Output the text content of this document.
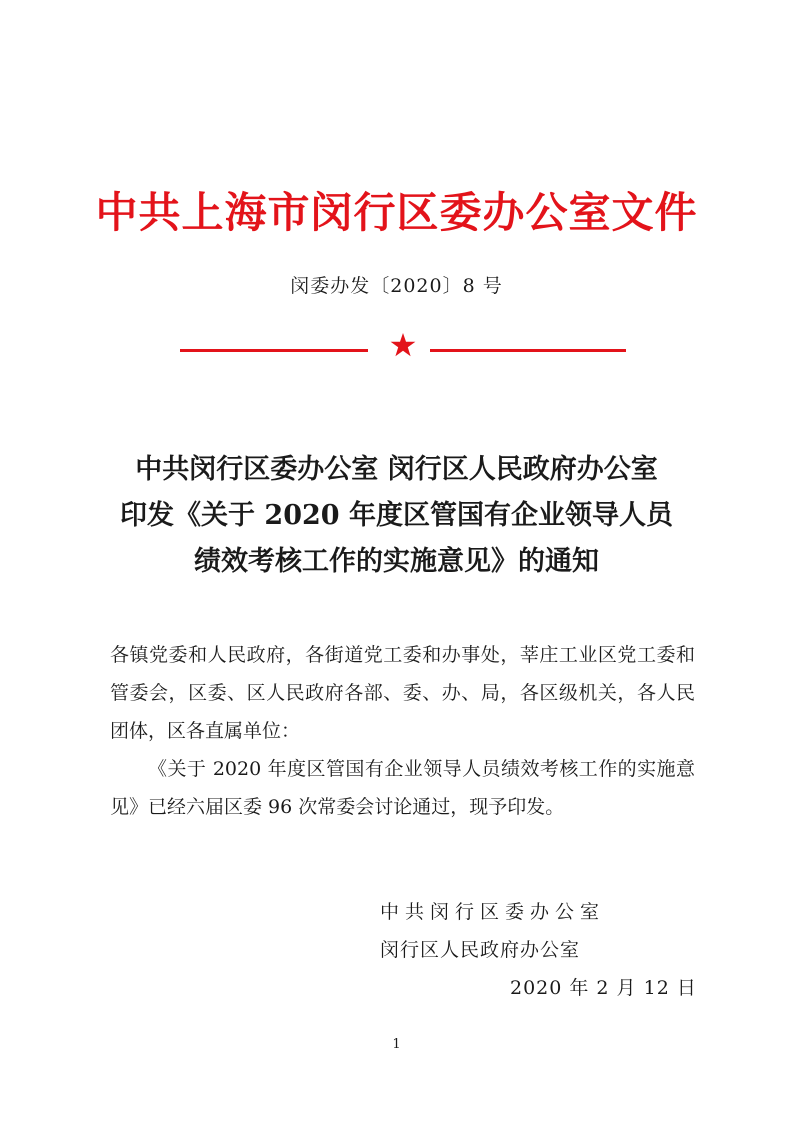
中共上海市闵行区委办公室文件
闵委办发〔2020〕8 号
中共闵行区委办公室 闵行区人民政府办公室
印发《关于 2020 年度区管国有企业领导人员
绩效考核工作的实施意见》的通知

各镇党委和人民政府，各街道党工委和办事处，莘庄工业区党工委和管委会，区委、区人民政府各部、委、办、局，各区级机关，各人民团体，区各直属单位：

《关于 2020 年度区管国有企业领导人员绩效考核工作的实施意见》已经六届区委 96 次常委会讨论通过，现予印发。

中共闵行区委办公室
闵行区人民政府办公室
2020 年 2 月 12 日
1
